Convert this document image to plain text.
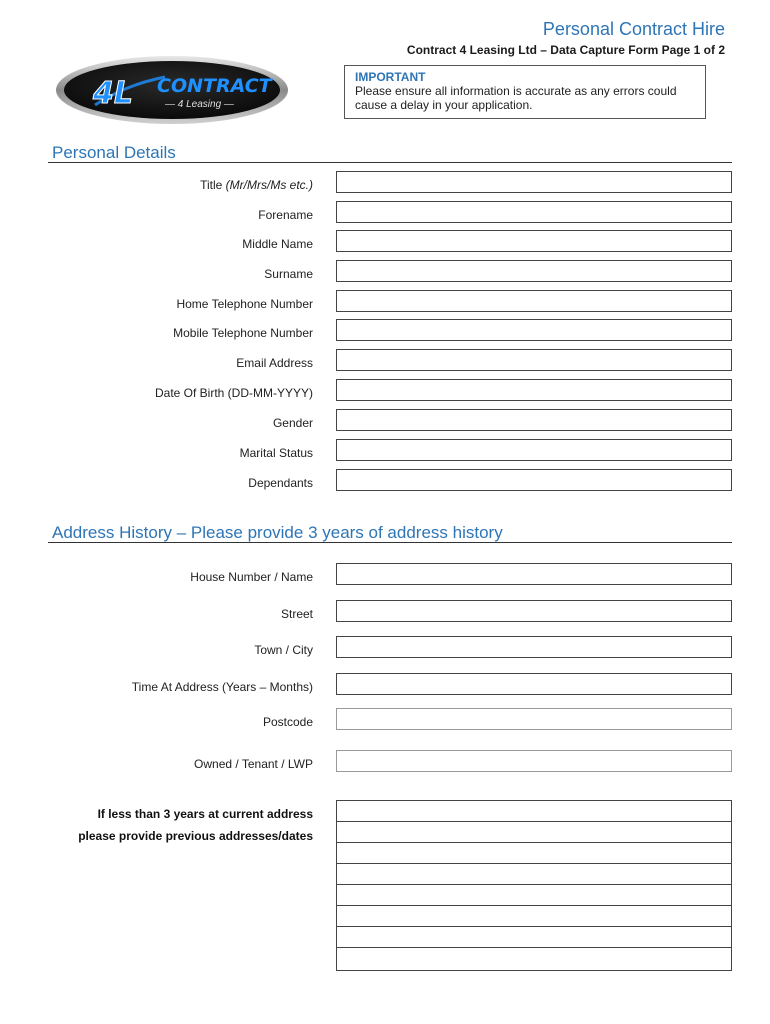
Personal Contract Hire
Contract 4 Leasing Ltd – Data Capture Form Page 1 of 2
4L CONTRACT
— 4 Leasing —
IMPORTANT
Please ensure all information is accurate as any errors could cause a delay in your application.
Personal Details
Title (Mr/Mrs/Ms etc.)
Forename
Middle Name
Surname
Home Telephone Number
Mobile Telephone Number
Email Address
Date Of Birth (DD-MM-YYYY)
Gender
Marital Status
Dependants
Address History – Please provide 3 years of address history
House Number / Name
Street
Town / City
Time At Address (Years – Months)
Postcode
Owned / Tenant / LWP
If less than 3 years at current address
please provide previous addresses/dates
